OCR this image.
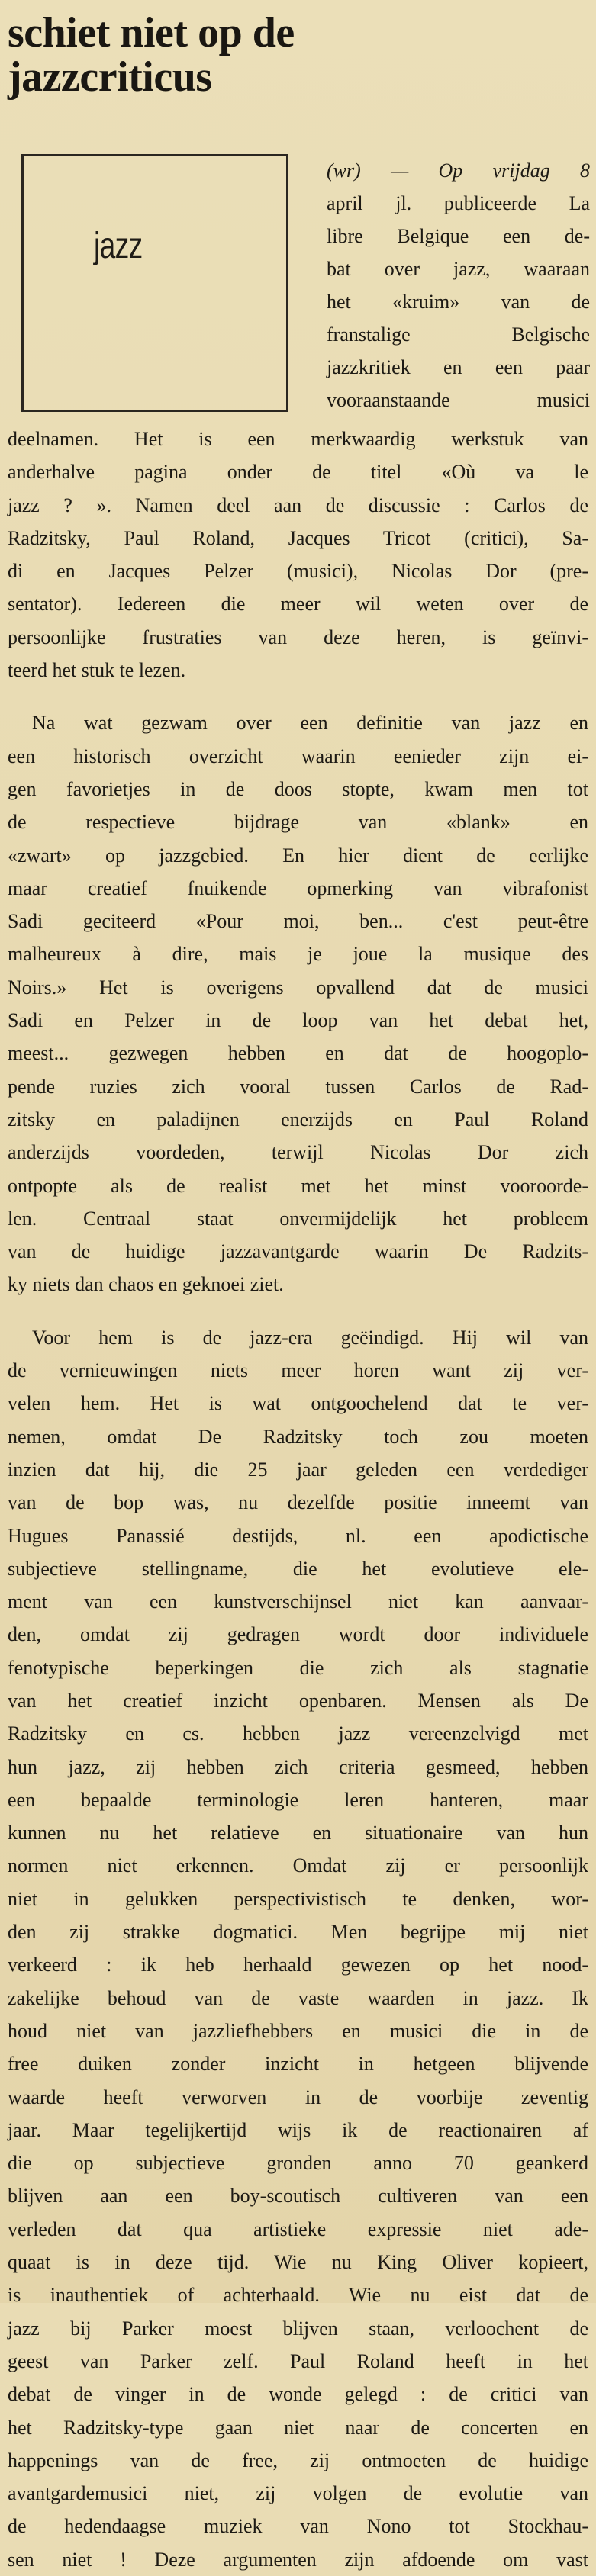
schiet niet op de
jazzcriticus
jazz
(wr) — Op vrijdag 8
april jl. publiceerde La
libre Belgique een de-
bat over jazz, waaraan
het «kruim» van de
franstalige Belgische
jazzkritiek en een paar
vooraanstaande musici
deelnamen. Het is een merkwaardig werkstuk van
anderhalve pagina onder de titel «Où va le
jazz ? ». Namen deel aan de discussie : Carlos de
Radzitsky, Paul Roland, Jacques Tricot (critici), Sa-
di en Jacques Pelzer (musici), Nicolas Dor (pre-
sentator). Iedereen die meer wil weten over de
persoonlijke frustraties van deze heren, is geïnvi-
teerd het stuk te lezen.
Na wat gezwam over een definitie van jazz en
een historisch overzicht waarin eenieder zijn ei-
gen favorietjes in de doos stopte, kwam men tot
de respectieve bijdrage van «blank» en
«zwart» op jazzgebied. En hier dient de eerlijke
maar creatief fnuikende opmerking van vibrafonist
Sadi geciteerd «Pour moi, ben... c'est peut-être
malheureux à dire, mais je joue la musique des
Noirs.» Het is overigens opvallend dat de musici
Sadi en Pelzer in de loop van het debat het,
meest... gezwegen hebben en dat de hoogoplo-
pende ruzies zich vooral tussen Carlos de Rad-
zitsky en paladijnen enerzijds en Paul Roland
anderzijds voordeden, terwijl Nicolas Dor zich
ontpopte als de realist met het minst vooroorde-
len. Centraal staat onvermijdelijk het probleem
van de huidige jazzavantgarde waarin De Radzits-
ky niets dan chaos en geknoei ziet.
Voor hem is de jazz-era geëindigd. Hij wil van
de vernieuwingen niets meer horen want zij ver-
velen hem. Het is wat ontgoochelend dat te ver-
nemen, omdat De Radzitsky toch zou moeten
inzien dat hij, die 25 jaar geleden een verdediger
van de bop was, nu dezelfde positie inneemt van
Hugues Panassié destijds, nl. een apodictische
subjectieve stellingname, die het evolutieve ele-
ment van een kunstverschijnsel niet kan aanvaar-
den, omdat zij gedragen wordt door individuele
fenotypische beperkingen die zich als stagnatie
van het creatief inzicht openbaren. Mensen als De
Radzitsky en cs. hebben jazz vereenzelvigd met
hun jazz, zij hebben zich criteria gesmeed, hebben
een bepaalde terminologie leren hanteren, maar
kunnen nu het relatieve en situationaire van hun
normen niet erkennen. Omdat zij er persoonlijk
niet in gelukken perspectivistisch te denken, wor-
den zij strakke dogmatici. Men begrijpe mij niet
verkeerd : ik heb herhaald gewezen op het nood-
zakelijke behoud van de vaste waarden in jazz. Ik
houd niet van jazzliefhebbers en musici die in de
free duiken zonder inzicht in hetgeen blijvende
waarde heeft verworven in de voorbije zeventig
jaar. Maar tegelijkertijd wijs ik de reactionairen af
die op subjectieve gronden anno 70 geankerd
blijven aan een boy-scoutisch cultiveren van een
verleden dat qua artistieke expressie niet ade-
quaat is in deze tijd. Wie nu King Oliver kopieert,
is inauthentiek of achterhaald. Wie nu eist dat de
jazz bij Parker moest blijven staan, verloochent de
geest van Parker zelf. Paul Roland heeft in het
debat de vinger in de wonde gelegd : de critici van
het Radzitsky-type gaan niet naar de concerten en
happenings van de free, zij ontmoeten de huidige
avantgardemusici niet, zij volgen de evolutie van
de hedendaagse muziek van Nono tot Stockhau-
sen niet ! Deze argumenten zijn afdoende om vast
